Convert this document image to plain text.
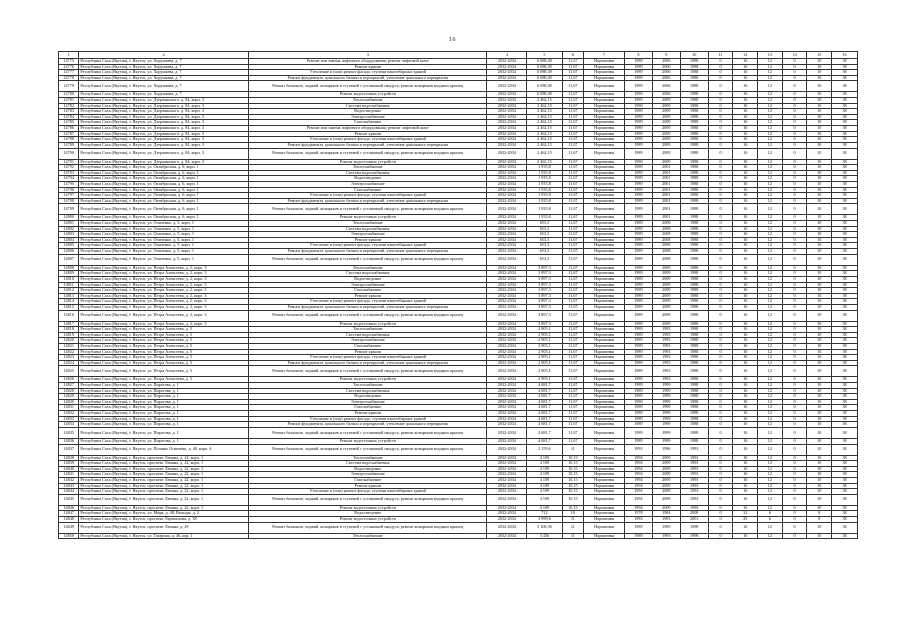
16
1	2	3	4	5	6	7	8	9	10	11	12	13	14	15	16
14775	Республика Саха (Якутия), г. Якутск, ул. Хорунжева, д. 7	Ремонт или замена лифтового оборудования, ремонт лифтовой шахт	2032-2034	6 088,49	11,67	Нормативн	1989	2006	1988	0	16	12	0	10	38
14776	Республика Саха (Якутия), г. Якутск, ул. Хорунжева, д. 7	Ремонт крыши	2032-2034	6 088,49	11,67	Нормативн	1989	2006	1988	0	16	12	0	10	38
14777	Республика Саха (Якутия), г. Якутск, ул. Хорунжева, д. 7	Утепление и (или) ремонт фасада, ступени панелебарных зданий	2032-2034	6 088,49	11,67	Нормативн	1989	2006	1988	0	16	12	0	10	38
14778	Республика Саха (Якутия), г. Якутск, ул. Хорунжева, д. 7	Ремонт фундамента, цокольного балкон и перекрытий, утепление цокольного перекрытия	2032-2034	6 088,49	11,67	Нормативн	1989	2006	1988	0	16	12	0	10	38
14779	Республика Саха (Якутия), г. Якутск, ул. Хорунжева, д. 7	Ремонт балконов, лоджий, козырьков и ступеней с установкой пандуса, ремонт козырьков входных крылец	2032-2034	6 088,49	11,67	Нормативн	1989	2006	1988	0	16	12	0	10	38
14780	Республика Саха (Якутия), г. Якутск, ул. Хорунжева, д. 7	Ремонт водосточных устройств	2032-2034	6 088,49	11,67	Нормативн	1989	2006	1988	0	16	12	0	10	38
14781	Республика Саха (Якутия), г. Якутск, ул. Дзержинского, д. 84, корп. 3	Теплоснабжение	2032-2034	2 462,15	11,67	Нормативн	1989	2009	1988	0	16	12	0	10	38
14782	Республика Саха (Якутия), г. Якутск, ул. Дзержинского, д. 84, корп. 3	Система водоснабжения	2032-2034	2 462,15	11,67	Нормативн	1989	2009	1988	0	16	12	0	10	38
14783	Республика Саха (Якутия), г. Якутск, ул. Дзержинского, д. 84, корп. 3	Водоотведение	2032-2034	2 462,15	11,67	Нормативн	1989	2009	1988	0	16	12	0	10	38
14784	Республика Саха (Якутия), г. Якутск, ул. Дзержинского, д. 84, корп. 3	Электроснабжение	2032-2034	2 462,15	11,67	Нормативн	1989	2009	1988	0	16	12	0	10	38
14785	Республика Саха (Якутия), г. Якутск, ул. Дзержинского, д. 84, корп. 3	Газоснабжение	2032-2034	2 462,15	11,67	Нормативн	1989	2009	1988	0	16	12	0	10	38
14786	Республика Саха (Якутия), г. Якутск, ул. Дзержинского, д. 84, корп. 3	Ремонт или замена лифтового оборудования, ремонт лифтовой шахт	2032-2034	2 462,15	11,67	Нормативн	1989	2009	1988	0	16	12	0	10	38
14787	Республика Саха (Якутия), г. Якутск, ул. Дзержинского, д. 84, корп. 3	Ремонт крыши	2032-2034	2 462,15	11,67	Нормативн	1989	2009	1988	0	16	12	0	10	38
14788	Республика Саха (Якутия), г. Якутск, ул. Дзержинского, д. 84, корп. 3	Утепление и (или) ремонт фасада, ступени панелебарных зданий	2032-2034	2 462,15	11,67	Нормативн	1989	2009	1988	0	16	12	0	10	38
14789	Республика Саха (Якутия), г. Якутск, ул. Дзержинского, д. 84, корп. 3	Ремонт фундамента, цокольного балкон и перекрытий, утепление цокольного перекрытия	2032-2034	2 462,15	11,67	Нормативн	1989	2009	1988	0	16	12	0	10	38
14790	Республика Саха (Якутия), г. Якутск, ул. Дзержинского, д. 84, корп. 3	Ремонт балконов, лоджий, козырьков и ступеней с установкой пандуса, ремонт козырьков входных крылец	2032-2034	2 462,15	11,67	Нормативн	1989	2009	1988	0	16	12	0	10	38
14791	Республика Саха (Якутия), г. Якутск, ул. Дзержинского, д. 84, корп. 3	Ремонт водосточных устройств	2032-2034	2 462,15	11,67	Нормативн	1989	2009	1988	0	16	12	0	10	38
14792	Республика Саха (Якутия), г. Якутск, ул. Октябрьская, д. 6, корп. 1	Теплоснабжение	2032-2034	1 935,8	11,67	Нормативн	1989	2001	1988	0	16	12	0	10	38
14793	Республика Саха (Якутия), г. Якутск, ул. Октябрьская, д. 6, корп. 1	Система водоснабжения	2032-2034	1 935,8	11,67	Нормативн	1989	2001	1988	0	16	12	0	10	38
14794	Республика Саха (Якутия), г. Якутск, ул. Октябрьская, д. 6, корп. 1	Водоотведение	2032-2034	1 935,8	11,67	Нормативн	1989	2001	1988	0	16	12	0	10	38
14795	Республика Саха (Якутия), г. Якутск, ул. Октябрьская, д. 6, корп. 1	Электроснабжение	2032-2034	1 935,8	11,67	Нормативн	1989	2001	1988	0	16	12	0	10	38
14796	Республика Саха (Якутия), г. Якутск, ул. Октябрьская, д. 6, корп. 1	Газоснабжение	2032-2034	1 935,8	11,67	Нормативн	1989	2001	1988	0	16	12	0	10	38
14797	Республика Саха (Якутия), г. Якутск, ул. Октябрьская, д. 6, корп. 1	Утепление и (или) ремонт фасада, ступени панелебарных зданий	2032-2034	1 935,8	11,67	Нормативн	1989	2001	1988	0	16	12	0	10	38
14798	Республика Саха (Якутия), г. Якутск, ул. Октябрьская, д. 6, корп. 1	Ремонт фундамента, цокольного балкон и перекрытий, утепление цокольного перекрытия	2032-2034	1 935,8	11,67	Нормативн	1989	2001	1988	0	16	12	0	10	38
14799	Республика Саха (Якутия), г. Якутск, ул. Октябрьская, д. 6, корп. 1	Ремонт балконов, лоджий, козырьков и ступеней с установкой пандуса, ремонт козырьков входных крылец	2032-2034	1 935,8	11,67	Нормативн	1989	2001	1988	0	16	12	0	10	38
14800	Республика Саха (Якутия), г. Якутск, ул. Октябрьская, д. 6, корп. 1	Ремонт водосточных устройств	2032-2034	1 935,8	11,67	Нормативн	1989	2001	1988	0	16	12	0	10	38
14801	Республика Саха (Якутия), г. Якутск, ул. Очиченко, д. 5, корп. 1	Теплоснабжение	2032-2034	653,3	11,67	Нормативн	1989	2008	1988	0	16	12	0	10	38
14802	Республика Саха (Якутия), г. Якутск, ул. Очиченко, д. 5, корп. 1	Система водоснабжения	2032-2034	653,3	11,67	Нормативн	1989	2008	1988	0	16	12	0	10	38
14803	Республика Саха (Якутия), г. Якутск, ул. Очиченко, д. 5, корп. 1	Электроснабжение	2032-2034	653,3	11,67	Нормативн	1989	2008	1988	0	16	12	0	10	38
14804	Республика Саха (Якутия), г. Якутск, ул. Очиченко, д. 5, корп. 1	Ремонт крыши	2032-2034	653,3	11,67	Нормативн	1989	2008	1988	0	16	12	0	10	38
14805	Республика Саха (Якутия), г. Якутск, ул. Очиченко, д. 5, корп. 1	Утепление и (или) ремонт фасада, ступени панелебарных зданий	2032-2034	653,3	11,67	Нормативн	1989	2008	1988	0	16	12	0	10	38
14806	Республика Саха (Якутия), г. Якутск, ул. Очиченко, д. 5, корп. 1	Ремонт фундамента, цокольного балкон и перекрытий, утепление цокольного перекрытия	2032-2034	653,3	11,67	Нормативн	1989	2008	1988	0	16	12	0	10	38
14807	Республика Саха (Якутия), г. Якутск, ул. Очиченко, д. 5, корп. 1	Ремонт балконов, лоджий, козырьков и ступеней с установкой пандуса, ремонт козырьков входных крылец	2032-2034	653,3	11,67	Нормативн	1989	2008	1988	0	16	12	0	10	38
14808	Республика Саха (Якутия), г. Якутск, ул. Петра Алексеева, д. 2, корп. 3	Теплоснабжение	2032-2034	3 897,3	11,67	Нормативн	1989	2009	1988	0	16	12	0	10	38
14809	Республика Саха (Якутия), г. Якутск, ул. Петра Алексеева, д. 2, корп. 3	Система водоснабжения	2032-2034	3 897,3	11,67	Нормативн	1989	2009	1988	0	16	12	0	10	38
14810	Республика Саха (Якутия), г. Якутск, ул. Петра Алексеева, д. 2, корп. 3	Водоотведение	2032-2034	3 897,3	11,67	Нормативн	1989	2009	1988	0	16	12	0	10	38
14811	Республика Саха (Якутия), г. Якутск, ул. Петра Алексеева, д. 2, корп. 3	Электроснабжение	2032-2034	3 897,3	11,67	Нормативн	1989	2009	1988	0	16	12	0	10	38
14812	Республика Саха (Якутия), г. Якутск, ул. Петра Алексеева, д. 2, корп. 3	Газоснабжение	2032-2034	3 897,3	11,67	Нормативн	1989	2009	1988	0	16	12	0	10	38
14813	Республика Саха (Якутия), г. Якутск, ул. Петра Алексеева, д. 2, корп. 3	Ремонт крыши	2032-2034	3 897,3	11,67	Нормативн	1989	2009	1988	0	16	12	0	10	38
14814	Республика Саха (Якутия), г. Якутск, ул. Петра Алексеева, д. 2, корп. 3	Утепление и (или) ремонт фасада, ступени панелебарных зданий	2032-2034	3 897,3	11,67	Нормативн	1989	2009	1988	0	16	12	0	10	38
14815	Республика Саха (Якутия), г. Якутск, ул. Петра Алексеева, д. 2, корп. 3	Ремонт фундамента, цокольного балкон и перекрытий, утепление цокольного перекрытия	2032-2034	3 897,3	11,67	Нормативн	1989	2009	1988	0	16	12	0	10	38
14816	Республика Саха (Якутия), г. Якутск, ул. Петра Алексеева, д. 2, корп. 3	Ремонт балконов, лоджий, козырьков и ступеней с установкой пандуса, ремонт козырьков входных крылец	2032-2034	3 897,3	11,67	Нормативн	1989	2009	1988	0	16	12	0	10	38
14817	Республика Саха (Якутия), г. Якутск, ул. Петра Алексеева, д. 2, корп. 3	Ремонт водосточных устройств	2032-2034	3 897,3	11,67	Нормативн	1989	2009	1988	0	16	12	0	10	38
14818	Республика Саха (Якутия), г. Якутск, ул. Петра Алексеева, д. 5	Теплоснабжение	2032-2034	2 905,1	11,67	Нормативн	1989	1993	1988	0	16	12	0	10	38
14819	Республика Саха (Якутия), г. Якутск, ул. Петра Алексеева, д. 5	Система водоснабжения	2032-2034	2 905,1	11,67	Нормативн	1989	1993	1988	0	16	12	0	10	38
14820	Республика Саха (Якутия), г. Якутск, ул. Петра Алексеева, д. 5	Электроснабжение	2032-2034	2 905,1	11,67	Нормативн	1989	1993	1988	0	16	12	0	10	38
14821	Республика Саха (Якутия), г. Якутск, ул. Петра Алексеева, д. 5	Газоснабжение	2032-2034	2 905,1	11,67	Нормативн	1989	1993	1988	0	16	12	0	10	38
14822	Республика Саха (Якутия), г. Якутск, ул. Петра Алексеева, д. 5	Ремонт крыши	2032-2034	2 905,1	11,67	Нормативн	1989	1993	1988	0	16	12	0	10	38
14823	Республика Саха (Якутия), г. Якутск, ул. Петра Алексеева, д. 5	Утепление и (или) ремонт фасада, ступени панелебарных зданий	2032-2034	2 905,1	11,67	Нормативн	1989	1993	1988	0	16	12	0	10	38
14824	Республика Саха (Якутия), г. Якутск, ул. Петра Алексеева, д. 5	Ремонт фундамента, цокольного балкон и перекрытий, утепление цокольного перекрытия	2032-2034	2 905,1	11,67	Нормативн	1989	1993	1988	0	16	12	0	10	38
14825	Республика Саха (Якутия), г. Якутск, ул. Петра Алексеева, д. 5	Ремонт балконов, лоджий, козырьков и ступеней с установкой пандуса, ремонт козырьков входных крылец	2032-2034	2 905,1	11,67	Нормативн	1989	1993	1988	0	16	12	0	10	38
14826	Республика Саха (Якутия), г. Якутск, ул. Петра Алексеева, д. 5	Ремонт водосточных устройств	2032-2034	2 905,1	11,67	Нормативн	1989	1993	1988	0	16	12	0	10	38
14827	Республика Саха (Якутия), г. Якутск, ул. Пирогова, д. 1	Теплоснабжение	2032-2034	4 681,7	11,67	Нормативн	1989	1999	1988	0	16	12	0	10	38
14828	Республика Саха (Якутия), г. Якутск, ул. Пирогова, д. 1	Система водоснабжения	2032-2034	4 681,7	11,67	Нормативн	1989	1999	1988	0	16	12	0	10	38
14829	Республика Саха (Якутия), г. Якутск, ул. Пирогова, д. 1	Водоотведение	2032-2034	4 681,7	11,67	Нормативн	1989	1999	1988	0	16	12	0	10	38
14830	Республика Саха (Якутия), г. Якутск, ул. Пирогова, д. 1	Электроснабжение	2032-2034	4 681,7	11,67	Нормативн	1989	1999	1988	0	16	12	0	10	38
14831	Республика Саха (Якутия), г. Якутск, ул. Пирогова, д. 1	Газоснабжение	2032-2034	4 681,7	11,67	Нормативн	1989	1999	1988	0	16	12	0	10	38
14832	Республика Саха (Якутия), г. Якутск, ул. Пирогова, д. 1	Ремонт крыши	2032-2034	4 681,7	11,67	Нормативн	1989	1999	1988	0	16	12	0	10	38
14833	Республика Саха (Якутия), г. Якутск, ул. Пирогова, д. 1	Утепление и (или) ремонт фасада, ступени панелебарных зданий	2032-2034	4 681,7	11,67	Нормативн	1989	1999	1988	0	16	12	0	10	38
14834	Республика Саха (Якутия), г. Якутск, ул. Пирогова, д. 1	Ремонт фундамента, цокольного балкон и перекрытий, утепление цокольного перекрытия	2032-2034	4 681,7	11,67	Нормативн	1989	1999	1988	0	16	12	0	10	38
14835	Республика Саха (Якутия), г. Якутск, ул. Пирогова, д. 1	Ремонт балконов, лоджий, козырьков и ступеней с установкой пандуса, ремонт козырьков входных крылец	2032-2034	4 681,7	11,67	Нормативн	1989	1999	1988	0	16	12	0	10	38
14836	Республика Саха (Якутия), г. Якутск, ул. Пирогова, д. 1	Ремонт водосточных устройств	2032-2034	4 681,7	11,67	Нормативн	1989	1999	1988	0	16	12	0	10	38
14837	Республика Саха (Якутия), г. Якутск, ул. Полины Осипенко, д. 40, корп. 4	Ремонт балконов, лоджий, козырьков и ступеней с установкой пандуса, ремонт козырьков входных крылец	2032-2034	2 159,6	11	Нормативн	1993	1996	1993	0	16	12	0	10	38
14838	Республика Саха (Якутия), г. Якутск, проспект Ленина, д. 22, корп. 1	Теплоснабжение	2032-2034	4 109	10,15	Нормативн	1994	2009	1993	0	16	12	0	10	38
14839	Республика Саха (Якутия), г. Якутск, проспект Ленина, д. 22, корп. 1	Система водоснабжения	2032-2034	4 109	10,15	Нормативн	1994	2009	1993	0	16	12	0	10	38
14840	Республика Саха (Якутия), г. Якутск, проспект Ленина, д. 22, корп. 1	Водоотведение	2032-2034	4 109	10,15	Нормативн	1994	2009	1993	0	16	12	0	10	38
14841	Республика Саха (Якутия), г. Якутск, проспект Ленина, д. 22, корп. 1	Электроснабжение	2032-2034	4 109	10,15	Нормативн	1994	2009	1993	0	16	12	0	10	38
14842	Республика Саха (Якутия), г. Якутск, проспект Ленина, д. 22, корп. 1	Газоснабжение	2032-2034	4 109	10,15	Нормативн	1994	2009	1993	0	16	12	0	10	38
14843	Республика Саха (Якутия), г. Якутск, проспект Ленина, д. 22, корп. 1	Ремонт крыши	2032-2034	4 109	10,15	Нормативн	1994	2009	1993	0	16	12	0	10	38
14844	Республика Саха (Якутия), г. Якутск, проспект Ленина, д. 22, корп. 1	Утепление и (или) ремонт фасада, ступени панелебарных зданий	2032-2034	4 109	10,15	Нормативн	1994	2009	1993	0	16	12	0	10	38
14845	Республика Саха (Якутия), г. Якутск, проспект Ленина, д. 22, корп. 1	Ремонт балконов, лоджий, козырьков и ступеней с установкой пандуса, ремонт козырьков входных крылец	2032-2034	4 109	10,15	Нормативн	1994	2009	1993	0	16	12	0	10	38
14846	Республика Саха (Якутия), г. Якутск, проспект Ленина, д. 22, корп. 1	Ремонт водосточных устройств	2032-2034	4 109	10,15	Нормативн	1994	2009	1993	0	16	12	0	10	38
14847	Республика Саха (Якутия), г. Якутск, ул. Мира, д. 48, Выходы, д. 2	Водоотведение	2032-2034	712	10	Нормативн	1978	1984	2008	0	32	6	0	8	38
14848	Республика Саха (Якутия), г. Якутск, проспект Лермонтова, д. 38	Ремонт водосточных устройств	2032-2034	3 999,6	11	Нормативн	1983	1993	2001	0	29	6	0	8	38
14849	Республика Саха (Якутия), г. Якутск, проспект Ленина, д. 29	Ремонт балконов, лоджий, козырьков и ступеней с установкой пандуса, ремонт козырьков входных крылец	2032-2034	5 106,36	11	Нормативн	1989	1989	1998	0	16	12	0	10	38
14850	Республика Саха (Якутия), г. Якутск, ул. Гагарина, д. 46, кор. 1	Теплоснабжение	2032-2034	3 436	11	Нормативн	1989	1993	1998	0	16	12	0	10	38
